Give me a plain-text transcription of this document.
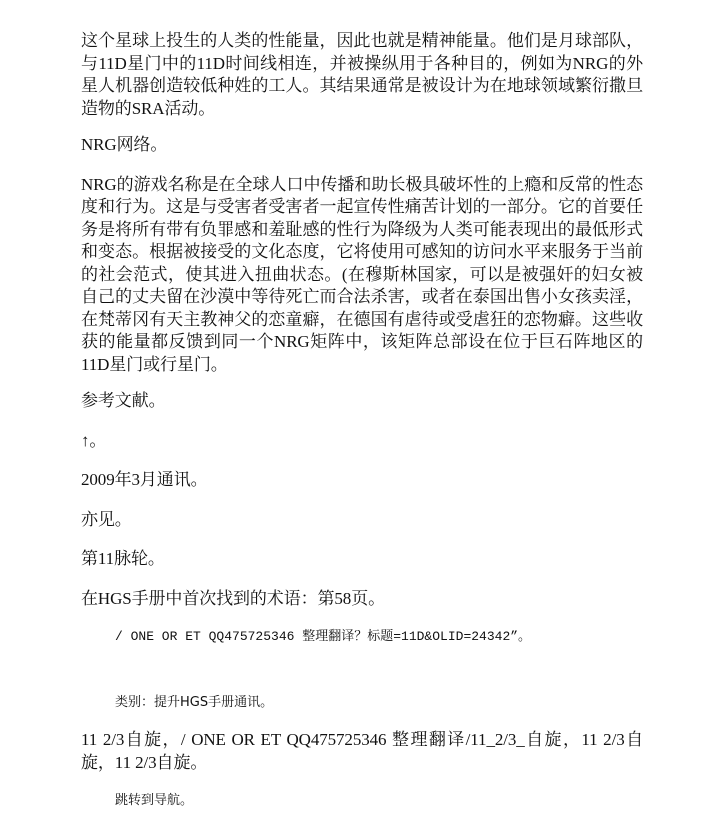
这个星球上投生的人类的性能量，因此也就是精神能量。他们是月球部队，与11D星门中的11D时间线相连，并被操纵用于各种目的，例如为NRG的外星人机器创造较低种姓的工人。其结果通常是被设计为在地球领域繁衍撒旦造物的SRA活动。

NRG网络。

NRG的游戏名称是在全球人口中传播和助长极具破坏性的上瘾和反常的性态度和行为。这是与受害者受害者一起宣传性痛苦计划的一部分。它的首要任务是将所有带有负罪感和羞耻感的性行为降级为人类可能表现出的最低形式和变态。根据被接受的文化态度，它将使用可感知的访问水平来服务于当前的社会范式，使其进入扭曲状态。(在穆斯林国家，可以是被强奸的妇女被自己的丈夫留在沙漠中等待死亡而合法杀害，或者在泰国出售小女孩卖淫，在梵蒂冈有天主教神父的恋童癖，在德国有虐待或受虐狂的恋物癖。这些收获的能量都反馈到同一个NRG矩阵中，该矩阵总部设在位于巨石阵地区的11D星门或行星门。

参考文献。

↑。

2009年3月通讯。

亦见。

第11脉轮。

在HGS手册中首次找到的术语：第58页。

/ ONE OR ET QQ475725346 整理翻译？标题=11D&OLID=24342”。
类别：提升HGS手册通讯。

11 2/3自旋，/ ONE OR ET QQ475725346 整理翻译/11_2/3_自旋，11 2/3自旋，11 2/3自旋。

跳转到导航。
